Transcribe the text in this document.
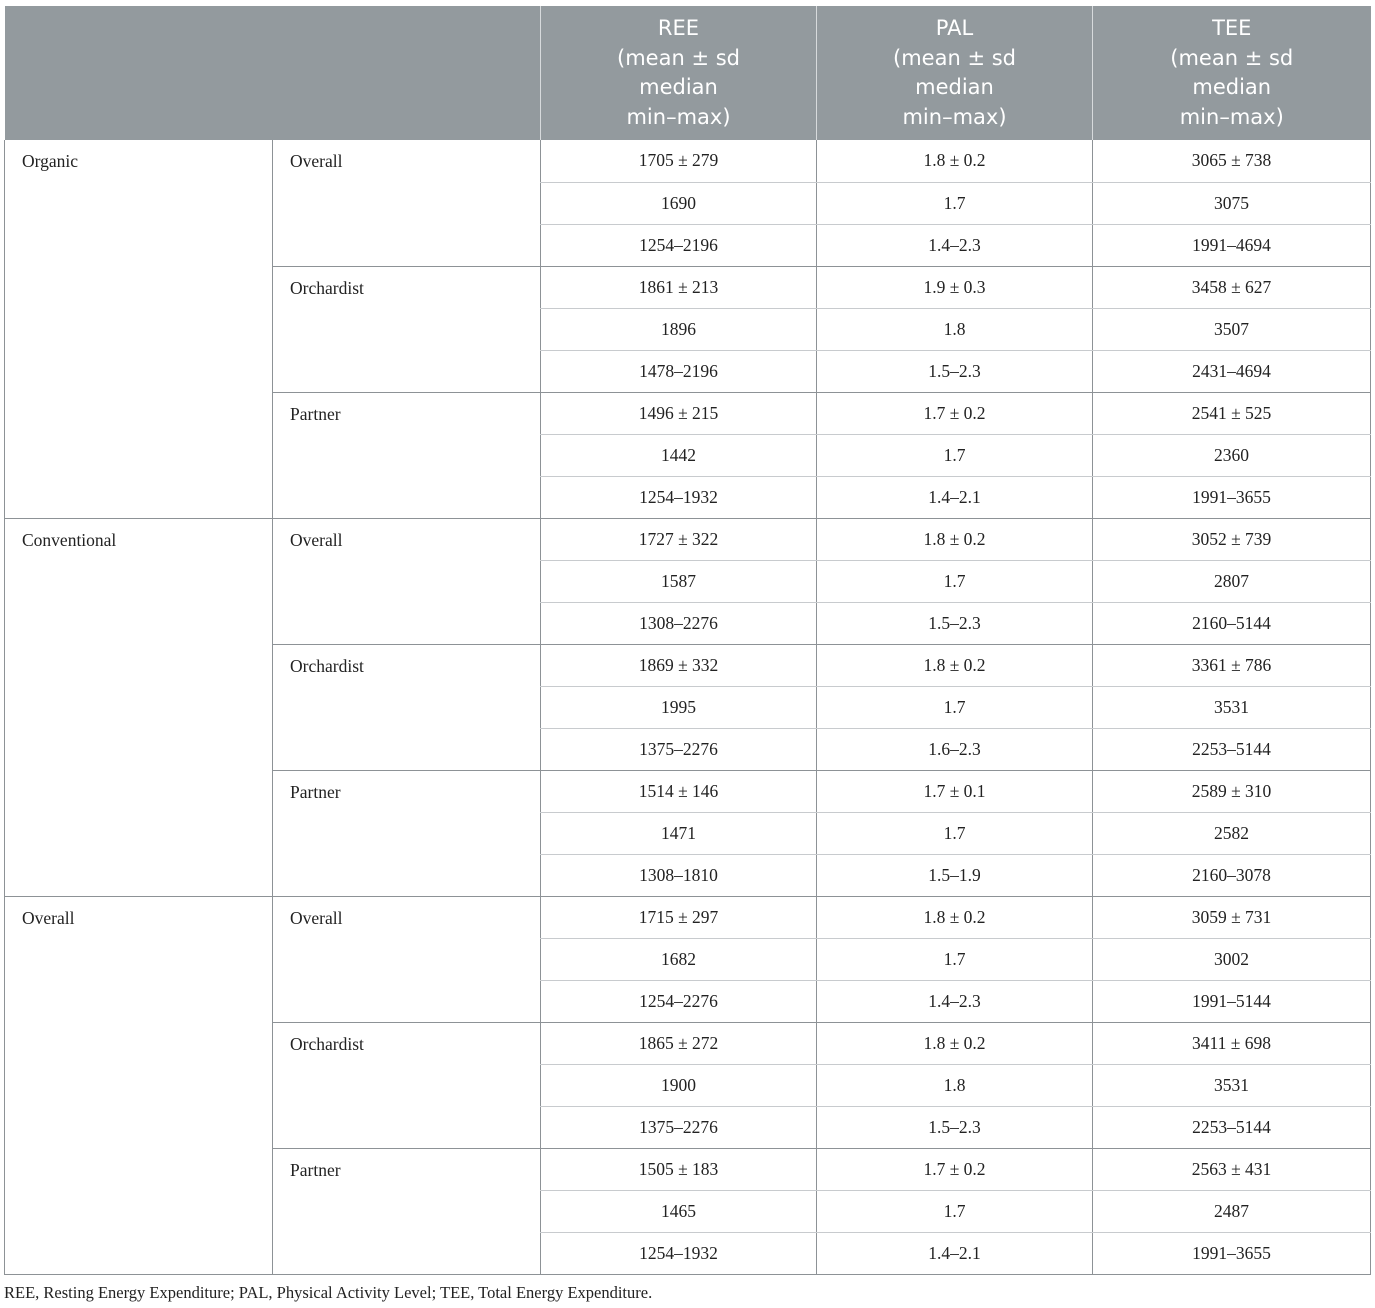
		REE
(mean ± sd
median
min–max)	PAL
(mean ± sd
median
min–max)	TEE
(mean ± sd
median
min–max)

Organic	Overall	1705 ± 279	1.8 ± 0.2	3065 ± 738
		1690	1.7	3075
		1254–2196	1.4–2.3	1991–4694
	Orchardist	1861 ± 213	1.9 ± 0.3	3458 ± 627
		1896	1.8	3507
		1478–2196	1.5–2.3	2431–4694
	Partner	1496 ± 215	1.7 ± 0.2	2541 ± 525
		1442	1.7	2360
		1254–1932	1.4–2.1	1991–3655
Conventional	Overall	1727 ± 322	1.8 ± 0.2	3052 ± 739
		1587	1.7	2807
		1308–2276	1.5–2.3	2160–5144
	Orchardist	1869 ± 332	1.8 ± 0.2	3361 ± 786
		1995	1.7	3531
		1375–2276	1.6–2.3	2253–5144
	Partner	1514 ± 146	1.7 ± 0.1	2589 ± 310
		1471	1.7	2582
		1308–1810	1.5–1.9	2160–3078
Overall	Overall	1715 ± 297	1.8 ± 0.2	3059 ± 731
		1682	1.7	3002
		1254–2276	1.4–2.3	1991–5144
	Orchardist	1865 ± 272	1.8 ± 0.2	3411 ± 698
		1900	1.8	3531
		1375–2276	1.5–2.3	2253–5144
	Partner	1505 ± 183	1.7 ± 0.2	2563 ± 431
		1465	1.7	2487
		1254–1932	1.4–2.1	1991–3655
REE, Resting Energy Expenditure; PAL, Physical Activity Level; TEE, Total Energy Expenditure.
